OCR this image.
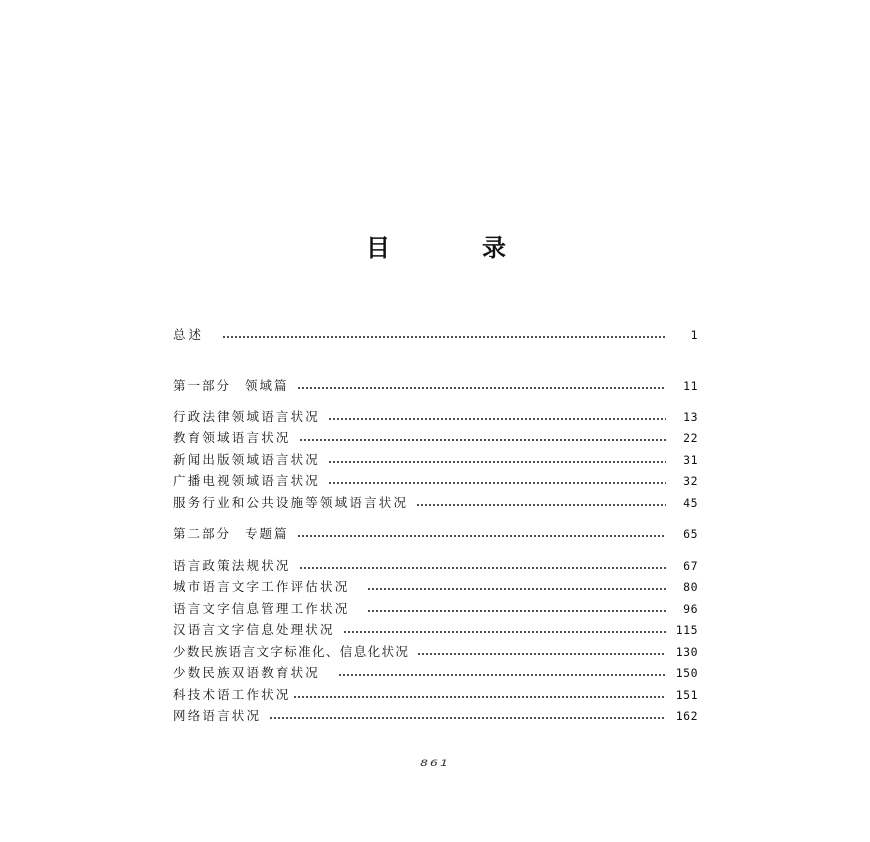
目	录
总述	1
第一部分 领域篇	11
行政法律领域语言状况	13
教育领域语言状况	22
新闻出版领域语言状况	31
广播电视领域语言状况	32
服务行业和公共设施等领域语言状况	45
第二部分 专题篇	65
语言政策法规状况	67
城市语言文字工作评估状况	80
语言文字信息管理工作状况	96
汉语言文字信息处理状况	115
少数民族语言文字标准化、信息化状况	130
少数民族双语教育状况	150
科技术语工作状况	151
网络语言状况	162
861
